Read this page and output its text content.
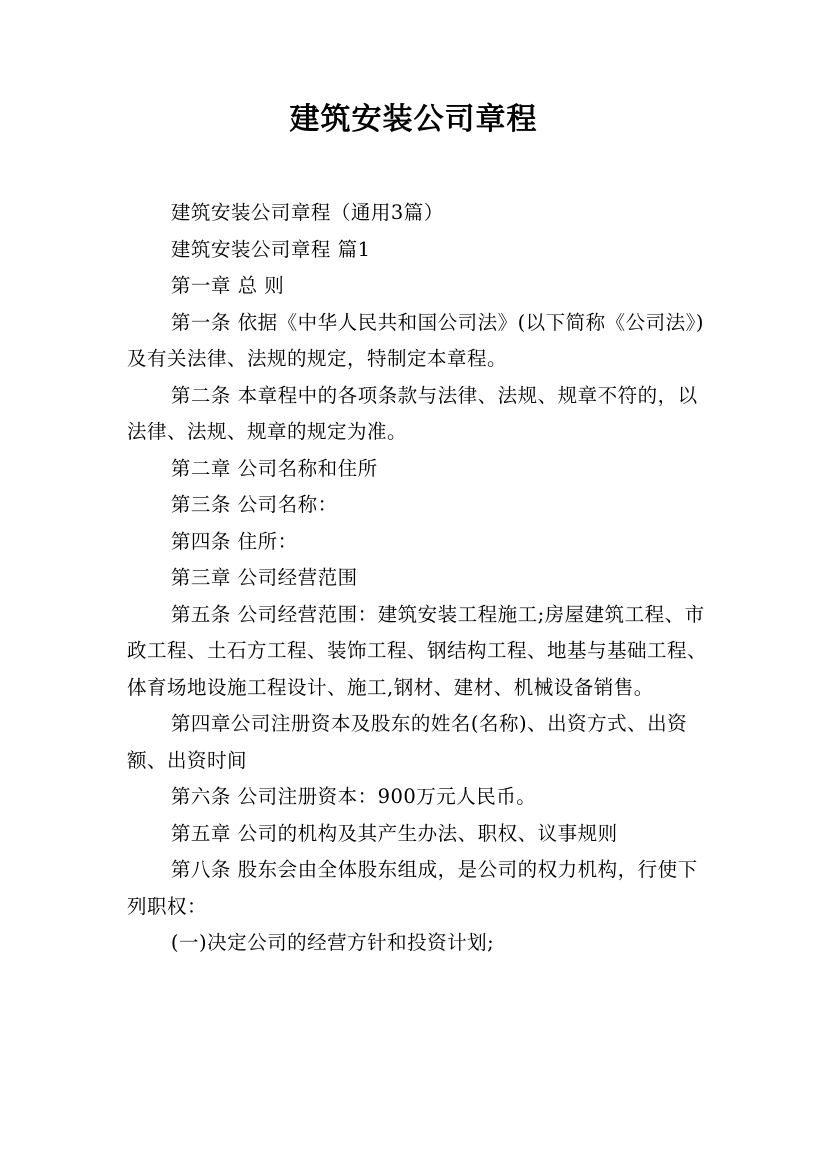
建筑安装公司章程

建筑安装公司章程（通用3篇）

建筑安装公司章程 篇1

第一章 总 则

第一条 依据《中华人民共和国公司法》(以下简称《公司法》)及有关法律、法规的规定，特制定本章程。

第二条 本章程中的各项条款与法律、法规、规章不符的，以法律、法规、规章的规定为准。

第二章 公司名称和住所

第三条 公司名称：

第四条 住所：

第三章 公司经营范围

第五条 公司经营范围：建筑安装工程施工;房屋建筑工程、市政工程、土石方工程、装饰工程、钢结构工程、地基与基础工程、体育场地设施工程设计、施工,钢材、建材、机械设备销售。

第四章公司注册资本及股东的姓名(名称)、出资方式、出资额、出资时间

第六条 公司注册资本：900万元人民币。

第五章 公司的机构及其产生办法、职权、议事规则

第八条 股东会由全体股东组成，是公司的权力机构，行使下列职权：

(一)决定公司的经营方针和投资计划;
